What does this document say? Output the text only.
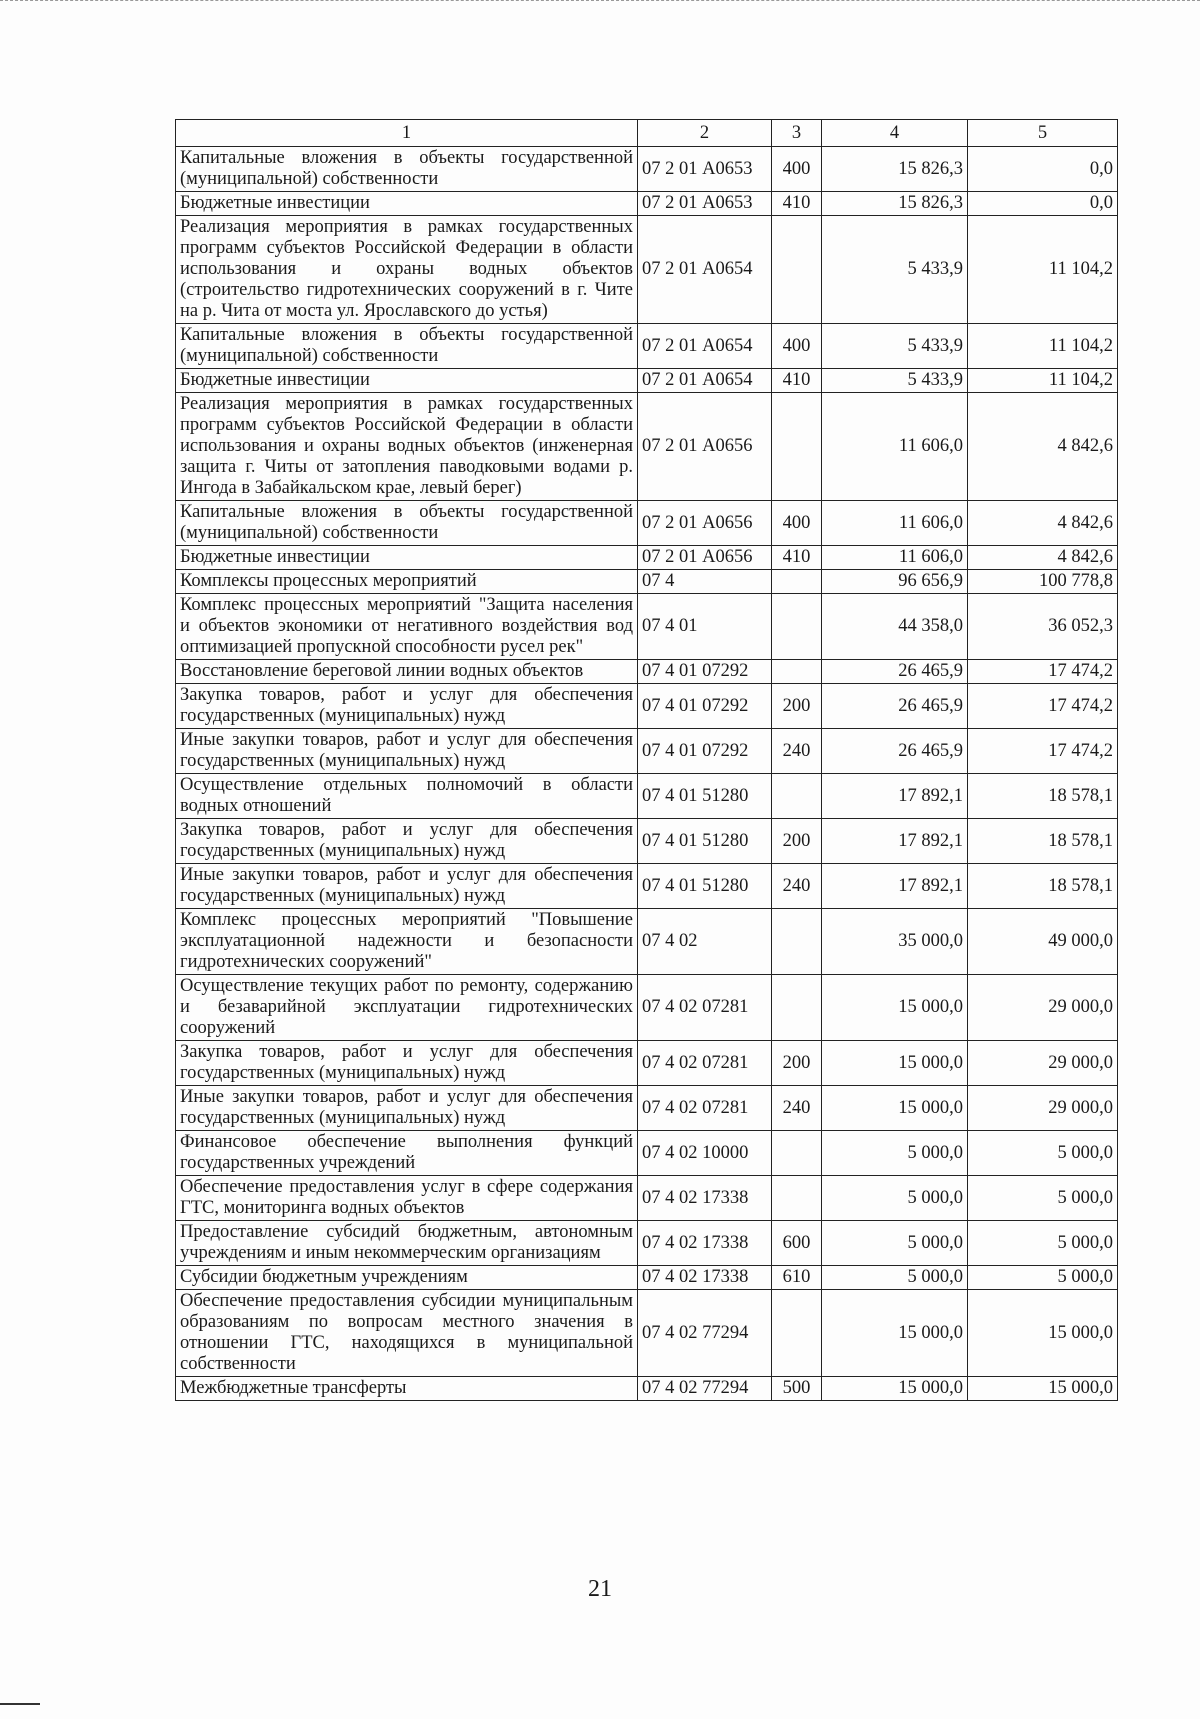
1	2	3	4	5
Капитальные вложения в объекты государственной (муниципальной) собственности	07 2 01 А0653	400	15 826,3	0,0
Бюджетные инвестиции	07 2 01 А0653	410	15 826,3	0,0
Реализация мероприятия в рамках государственных программ субъектов Российской Федерации в области использования и охраны водных объектов (строительство гидротехнических сооружений в г. Чите на р. Чита от моста ул. Ярославского до устья)	07 2 01 А0654		5 433,9	11 104,2
Капитальные вложения в объекты государственной (муниципальной) собственности	07 2 01 А0654	400	5 433,9	11 104,2
Бюджетные инвестиции	07 2 01 А0654	410	5 433,9	11 104,2
Реализация мероприятия в рамках государственных программ субъектов Российской Федерации в области использования и охраны водных объектов (инженерная защита г. Читы от затопления паводковыми водами р. Ингода в Забайкальском крае, левый берег)	07 2 01 А0656		11 606,0	4 842,6
Капитальные вложения в объекты государственной (муниципальной) собственности	07 2 01 А0656	400	11 606,0	4 842,6
Бюджетные инвестиции	07 2 01 А0656	410	11 606,0	4 842,6
Комплексы процессных мероприятий	07 4		96 656,9	100 778,8
Комплекс процессных мероприятий "Защита населения и объектов экономики от негативного воздействия вод оптимизацией пропускной способности русел рек"	07 4 01		44 358,0	36 052,3
Восстановление береговой линии водных объектов	07 4 01 07292		26 465,9	17 474,2
Закупка товаров, работ и услуг для обеспечения государственных (муниципальных) нужд	07 4 01 07292	200	26 465,9	17 474,2
Иные закупки товаров, работ и услуг для обеспечения государственных (муниципальных) нужд	07 4 01 07292	240	26 465,9	17 474,2
Осуществление отдельных полномочий в области водных отношений	07 4 01 51280		17 892,1	18 578,1
Закупка товаров, работ и услуг для обеспечения государственных (муниципальных) нужд	07 4 01 51280	200	17 892,1	18 578,1
Иные закупки товаров, работ и услуг для обеспечения государственных (муниципальных) нужд	07 4 01 51280	240	17 892,1	18 578,1
Комплекс процессных мероприятий "Повышение эксплуатационной надежности и безопасности гидротехнических сооружений"	07 4 02		35 000,0	49 000,0
Осуществление текущих работ по ремонту, содержанию и безаварийной эксплуатации гидротехнических сооружений	07 4 02 07281		15 000,0	29 000,0
Закупка товаров, работ и услуг для обеспечения государственных (муниципальных) нужд	07 4 02 07281	200	15 000,0	29 000,0
Иные закупки товаров, работ и услуг для обеспечения государственных (муниципальных) нужд	07 4 02 07281	240	15 000,0	29 000,0
Финансовое обеспечение выполнения функций государственных учреждений	07 4 02 10000		5 000,0	5 000,0
Обеспечение предоставления услуг в сфере содержания ГТС, мониторинга водных объектов	07 4 02 17338		5 000,0	5 000,0
Предоставление субсидий бюджетным, автономным учреждениям и иным некоммерческим организациям	07 4 02 17338	600	5 000,0	5 000,0
Субсидии бюджетным учреждениям	07 4 02 17338	610	5 000,0	5 000,0
Обеспечение предоставления субсидии муниципальным образованиям по вопросам местного значения в отношении ГТС, находящихся в муниципальной собственности	07 4 02 77294		15 000,0	15 000,0
Межбюджетные трансферты	07 4 02 77294	500	15 000,0	15 000,0
21
